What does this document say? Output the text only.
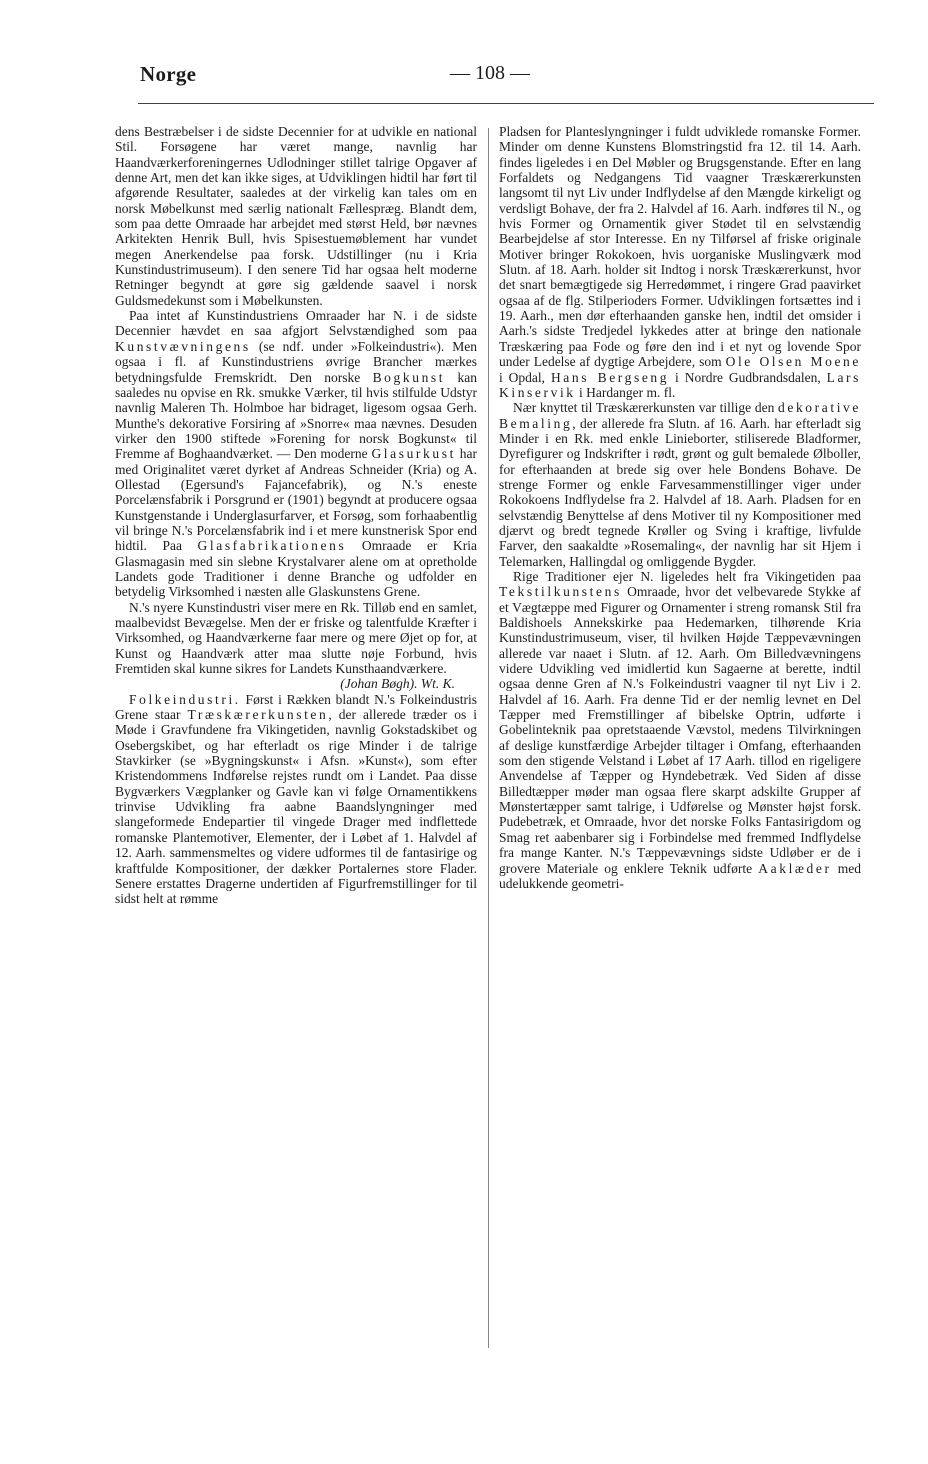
Norge	— 108 —

dens Bestræbelser i de sidste Decennier for at udvikle en national Stil. Forsøgene har været mange, navnlig har Haandværkerforeningernes Udlodninger stillet talrige Opgaver af denne Art, men det kan ikke siges, at Udviklingen hidtil har ført til afgørende Resultater, saaledes at der virkelig kan tales om en norsk Møbelkunst med særlig nationalt Fællespræg. Blandt dem, som paa dette Omraade har arbejdet med størst Held, bør nævnes Arkitekten Henrik Bull, hvis Spisestuemøblement har vundet megen Anerkendelse paa forsk. Udstillinger (nu i Kria Kunstindustrimuseum). I den senere Tid har ogsaa helt moderne Retninger begyndt at gøre sig gældende saavel i norsk Guldsmedekunst som i Møbelkunsten.

Paa intet af Kunstindustriens Omraader har N. i de sidste Decennier hævdet en saa afgjort Selvstændighed som paa Kunstvævningens (se ndf. under »Folkeindustri«). Men ogsaa i fl. af Kunstindustriens øvrige Brancher mærkes betydningsfulde Fremskridt. Den norske Bogkunst kan saaledes nu opvise en Rk. smukke Værker, til hvis stilfulde Udstyr navnlig Maleren Th. Holmboe har bidraget, ligesom ogsaa Gerh. Munthe's dekorative Forsiring af »Snorre« maa nævnes. Desuden virker den 1900 stiftede »Forening for norsk Bogkunst« til Fremme af Boghaandværket. — Den moderne Glasurkust har med Originalitet været dyrket af Andreas Schneider (Kria) og A. Ollestad (Egersund's Fajancefabrik), og N.'s eneste Porcelænsfabrik i Porsgrund er (1901) begyndt at producere ogsaa Kunstgenstande i Underglasurfarver, et Forsøg, som forhaabentlig vil bringe N.'s Porcelænsfabrik ind i et mere kunstnerisk Spor end hidtil. Paa Glasfabrikationens Omraade er Kria Glasmagasin med sin slebne Krystalvarer alene om at opretholde Landets gode Traditioner i denne Branche og udfolder en betydelig Virksomhed i næsten alle Glaskunstens Grene.

N.'s nyere Kunstindustri viser mere en Rk. Tilløb end en samlet, maalbevidst Bevægelse. Men der er friske og talentfulde Kræfter i Virksomhed, og Haandværkerne faar mere og mere Øjet op for, at Kunst og Haandværk atter maa slutte nøje Forbund, hvis Fremtiden skal kunne sikres for Landets Kunsthaandværkere.

(Johan Bøgh). Wt. K.

Folkeindustri. Først i Rækken blandt N.'s Folkeindustris Grene staar Træskærerkunsten, der allerede træder os i Møde i Gravfundene fra Vikingetiden, navnlig Gokstadskibet og Osebergskibet, og har efterladt os rige Minder i de talrige Stavkirker (se »Bygningskunst« i Afsn. »Kunst«), som efter Kristendommens Indførelse rejstes rundt om i Landet. Paa disse Bygværkers Vægplanker og Gavle kan vi følge Ornamentikkens trinvise Udvikling fra aabne Baandslyngninger med slangeformede Endepartier til vingede Drager med indflettede romanske Plantemotiver, Elementer, der i Løbet af 1. Halvdel af 12. Aarh. sammensmeltes og videre udformes til de fantasirige og kraftfulde Kompositioner, der dækker Portalernes store Flader. Senere erstattes Dragerne undertiden af Figurfremstillinger for til sidst helt at rømme

Pladsen for Planteslyngninger i fuldt udviklede romanske Former. Minder om denne Kunstens Blomstringstid fra 12. til 14. Aarh. findes ligeledes i en Del Møbler og Brugsgenstande. Efter en lang Forfaldets og Nedgangens Tid vaagner Træskærerkunsten langsomt til nyt Liv under Indflydelse af den Mængde kirkeligt og verdsligt Bohave, der fra 2. Halvdel af 16. Aarh. indføres til N., og hvis Former og Ornamentik giver Stødet til en selvstændig Bearbejdelse af stor Interesse. En ny Tilførsel af friske originale Motiver bringer Rokokoen, hvis uorganiske Muslingværk mod Slutn. af 18. Aarh. holder sit Indtog i norsk Træskærerkunst, hvor det snart bemægtigede sig Herredømmet, i ringere Grad paavirket ogsaa af de flg. Stilperioders Former. Udviklingen fortsættes ind i 19. Aarh., men dør efterhaanden ganske hen, indtil det omsider i Aarh.'s sidste Tredjedel lykkedes atter at bringe den nationale Træskæring paa Fode og føre den ind i et nyt og lovende Spor under Ledelse af dygtige Arbejdere, som Ole Olsen Moene i Opdal, Hans Bergseng i Nordre Gudbrandsdalen, Lars Kinservik i Hardanger m. fl.

Nær knyttet til Træskærerkunsten var tillige den dekorative Bemaling, der allerede fra Slutn. af 16. Aarh. har efterladt sig Minder i en Rk. med enkle Linieborter, stiliserede Bladformer, Dyrefigurer og Indskrifter i rødt, grønt og gult bemalede Ølboller, for efterhaanden at brede sig over hele Bondens Bohave. De strenge Former og enkle Farvesammenstillinger viger under Rokokoens Indflydelse fra 2. Halvdel af 18. Aarh. Pladsen for en selvstændig Benyttelse af dens Motiver til ny Kompositioner med djærvt og bredt tegnede Krøller og Sving i kraftige, livfulde Farver, den saakaldte »Rosemaling«, der navnlig har sit Hjem i Telemarken, Hallingdal og omliggende Bygder.

Rige Traditioner ejer N. ligeledes helt fra Vikingetiden paa Tekstilkunstens Omraade, hvor det velbevarede Stykke af et Vægtæppe med Figurer og Ornamenter i streng romansk Stil fra Baldishoels Annekskirke paa Hedemarken, tilhørende Kria Kunstindustrimuseum, viser, til hvilken Højde Tæppevævningen allerede var naaet i Slutn. af 12. Aarh. Om Billedvævningens videre Udvikling ved imidlertid kun Sagaerne at berette, indtil ogsaa denne Gren af N.'s Folkeindustri vaagner til nyt Liv i 2. Halvdel af 16. Aarh. Fra denne Tid er der nemlig levnet en Del Tæpper med Fremstillinger af bibelske Optrin, udførte i Gobelinteknik paa opretstaaende Vævstol, medens Tilvirkningen af deslige kunstfærdige Arbejder tiltager i Omfang, efterhaanden som den stigende Velstand i Løbet af 17 Aarh. tillod en rigeligere Anvendelse af Tæpper og Hyndebetræk. Ved Siden af disse Billedtæpper møder man ogsaa flere skarpt adskilte Grupper af Mønstertæpper samt talrige, i Udførelse og Mønster højst forsk. Pudebetræk, et Omraade, hvor det norske Folks Fantasirigdom og Smag ret aabenbarer sig i Forbindelse med fremmed Indflydelse fra mange Kanter. N.'s Tæppevævnings sidste Udløber er de i grovere Materiale og enklere Teknik udførte Aaklæder med udelukkende geometri-
